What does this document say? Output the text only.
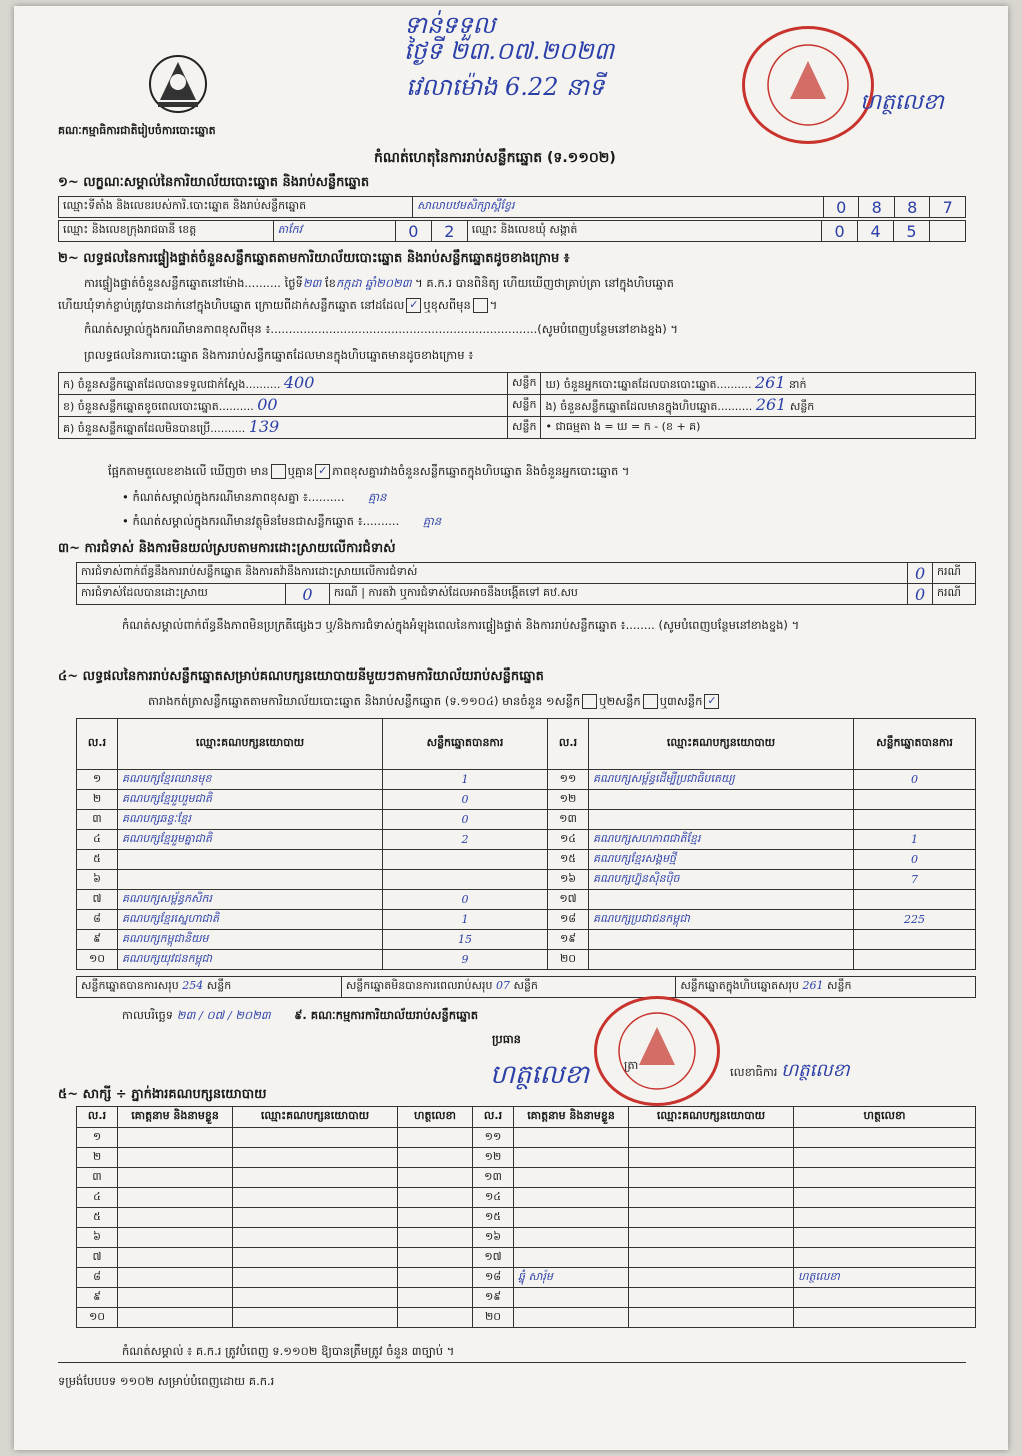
គណៈកម្មាធិការជាតិរៀបចំការបោះឆ្នោត
ទាន់ទទួល
ថ្ងៃទី ២៣.០៧.២០២៣
វេលាម៉ោង 6.22 នាទី
ហត្ថលេខា
កំណត់ហេតុនៃការរាប់សន្លឹកឆ្នោត (ទ.១១០២)
១~ លក្ខណៈសម្គាល់នៃការិយាល័យបោះឆ្នោត និងរាប់សន្លឹកឆ្នោត
ឈ្មោះទីតាំង និងលេខរបស់ការិ.បោះឆ្នោត និងរាប់សន្លឹកឆ្នោត	សាលាបឋមសិក្សាស្ពឺខ្វែរ	0	8	8	7
ឈ្មោះ និងលេខក្រុងរាជធានី ខេត្ត	តាកែវ	0	2	ឈ្មោះ និងលេខឃុំ សង្កាត់	0	4	5	
២~ លទ្ធផលនៃការផ្ទៀងផ្ទាត់ចំនួនសន្លឹកឆ្នោតតាមការិយាល័យបោះឆ្នោត និងរាប់សន្លឹកឆ្នោតដូចខាងក្រោម ៖
ការផ្ទៀងផ្ទាត់ចំនួនសន្លឹកឆ្នោតនៅម៉ោង.......... ថ្ងៃទី២៣ ខែកក្កដា ឆ្នាំ២០២៣ ។ គ.ក.រ បានពិនិត្យ ហើយឃើញថាគ្រាប់ត្រា នៅក្នុងហិបឆ្នោត
ហើយឃុំទាក់ខ្ចាប់ត្រូវបានដាក់នៅក្នុងហិបឆ្នោត ក្រោយពីដាក់សន្លឹកឆ្នោត នៅដដែល ✓ ឬខុសពីមុន ។
កំណត់សម្គាល់ក្នុងករណីមានភាពខុសពីមុន ៖.........................................................................(សូមបំពេញបន្ថែមនៅខាងខ្នង) ។
ព្រលទ្ធផលនៃការបោះឆ្នោត និងការរាប់សន្លឹកឆ្នោតដែលមានក្នុងហិបឆ្នោតមានដូចខាងក្រោម ៖
ក) ចំនួនសន្លឹកឆ្នោតដែលបានទទួលជាក់ស្តែង.......... 400	សន្លឹក	ឃ) ចំនួនអ្នកបោះឆ្នោតដែលបានបោះឆ្នោត.......... 261 នាក់
ខ) ចំនួនសន្លឹកឆ្នោតខូចពេលបោះឆ្នោត.......... 00	សន្លឹក	ង) ចំនួនសន្លឹកឆ្នោតដែលមានក្នុងហិបឆ្នោត.......... 261 សន្លឹក
គ) ចំនួនសន្លឹកឆ្នោតដែលមិនបានប្រើ.......... 139	សន្លឹក	• ជាធម្មតា ង = ឃ = ក - (ខ + គ)
ផ្អែកតាមតួលេខខាងលើ ឃើញថា មាន ឬគ្មាន ✓ ភាពខុសគ្នារវាងចំនួនសន្លឹកឆ្នោតក្នុងហិបឆ្នោត និងចំនួនអ្នកបោះឆ្នោត ។
• កំណត់សម្គាល់ក្នុងករណីមានភាពខុសគ្នា ៖.......... គ្មាន
• កំណត់សម្គាល់ក្នុងករណីមានវត្ថុមិនមែនជាសន្លឹកឆ្នោត ៖.......... គ្មាន
៣~ ការជំទាស់ និងការមិនយល់ស្របតាមការដោះស្រាយលើការជំទាស់
ការជំទាស់ពាក់ព័ន្ធនឹងការរាប់សន្លឹកឆ្នោត និងការតវ៉ានឹងការដោះស្រាយលើការជំទាស់			0	ករណី
ការជំទាស់ដែលបានដោះស្រាយ	0	ករណី | ការតវ៉ា ឬការជំទាស់ដែលអាចនឹងបង្កើតទៅ គឋ.សប	0	ករណី
កំណត់សម្គាល់ពាក់ព័ន្ធនឹងភាពមិនប្រក្រតីផ្សេងៗ ឬ/និងការជំទាស់ក្នុងអំឡុងពេលនៃការផ្ទៀងផ្ទាត់ និងការរាប់សន្លឹកឆ្នោត ៖........ (សូមបំពេញបន្ថែមនៅខាងខ្នង) ។
៤~ លទ្ធផលនៃការរាប់សន្លឹកឆ្នោតសម្រាប់គណបក្សនយោបាយនីមួយៗតាមការិយាល័យរាប់សន្លឹកឆ្នោត
តារាងកត់ត្រាសន្លឹកឆ្នោតតាមការិយាល័យបោះឆ្នោត និងរាប់សន្លឹកឆ្នោត (ទ.១១០៤) មានចំនួន ១សន្លឹក ឬ២សន្លឹក ឬ៣សន្លឹក ✓
ល.រ	ឈ្មោះគណបក្សនយោបាយ	សន្លឹកឆ្នោតបានការ	ល.រ	ឈ្មោះគណបក្សនយោបាយ	សន្លឹកឆ្នោតបានការ
១	គណបក្សខ្មែរឈានមុខ	1	១១	គណបក្សសម្ព័ន្ធដើម្បីប្រជាធិបតេយ្យ	0
២	គណបក្សខ្មែររួបរួមជាតិ	0	១២		
៣	គណបក្សឆន្ទៈខ្មែរ	0	១៣		
៤	គណបក្សខ្មែររួមគ្នាជាតិ	2	១៤	គណបក្សសហភាពជាតិខ្មែរ	1
៥			១៥	គណបក្សខ្មែរសង្គមថ្មី	0
៦			១៦	គណបក្សហ្វ៊ុនស៊ិនប៉ិច	7
៧	គណបក្សសម្ព័ន្ធកសិករ	0	១៧		
៨	គណបក្សខ្មែរស្នេហាជាតិ	1	១៨	គណបក្សប្រជាជនកម្ពុជា	225
៩	គណបក្សកម្ពុជានិយម	15	១៩		
១០	គណបក្សយុវជនកម្ពុជា	9	២០		
សន្លឹកឆ្នោតបានការសរុប 254 សន្លឹក	សន្លឹកឆ្នោតមិនបានការពេលរាប់សរុប 07 សន្លឹក	សន្លឹកឆ្នោតក្នុងហិបឆ្នោតសរុប 261 សន្លឹក
កាលបរិច្ឆេទ ២៣ / ០៧ / ២០២៣ ៩. គណៈកម្មការការិយាល័យរាប់សន្លឹកឆ្នោត
ប្រធាន
ត្រា	លេខាធិការ ហត្ថលេខា
ហត្ថលេខា
៥~ សាក្សី ÷ ភ្នាក់ងារគណបក្សនយោបាយ
ល.រ	គោត្តនាម និងនាមខ្លួន	ឈ្មោះគណបក្សនយោបាយ	ហត្ថលេខា	ល.រ	គោត្តនាម និងនាមខ្លួន	ឈ្មោះគណបក្សនយោបាយ	ហត្ថលេខា
១				១១			
២				១២			
៣				១៣			
៤				១៤			
៥				១៥			
៦				១៦			
៧				១៧			
៨				១៨	ឆ្នុំ សារ៉ុម		ហត្ថលេខា
៩				១៩			
១០				២០			
កំណត់សម្គាល់ ៖ គ.ក.រ ត្រូវបំពេញ ទ.១១០២ ឱ្យបានត្រឹមត្រូវ ចំនួន ៣ច្បាប់ ។
ទម្រង់បែបបទ ១១០២ សម្រាប់បំពេញដោយ គ.ក.រ
